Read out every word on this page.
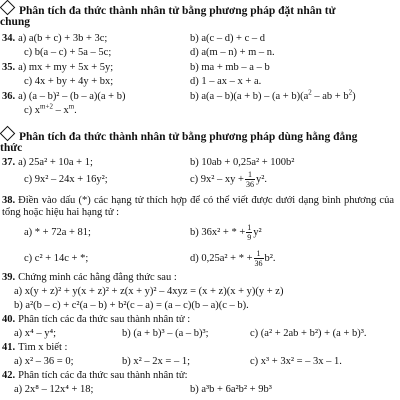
Phân tích đa thức thành nhân tử bằng phương pháp đặt nhân tử
chung
34. a) a(b + c) + 3b + 3c;	b) a(c – d) + c – d
c) b(a – c) + 5a – 5c;	d) a(m – n) + m – n.
35. a) mx + my + 5x + 5y;	b) ma + mb – a – b
c) 4x + by + 4y + bx;	d) 1 – ax – x + a.
36. a) (a – b)² – (b – a)(a + b)	b) $a(a - b)(a + b) - (a + b)(a^2$ – ab + $b^2$)
c) $x^{m+2} - x^m$.
Phân tích đa thức thành nhân tử bằng phương pháp dùng hằng đẳng
thức
37. a) 25a² + 10a + 1;	b) 10ab + 0,25a² + 100b²
c) 9x² – 24x + 16y²;	c) 9x² – xy + $\frac{1}{36} y^2$.
38. Điền vào dấu (*) các hạng tử thích hợp để có thể viết được dưới dạng bình phương của tổng hoặc hiệu hai hạng tử :
a) * + 72a + 81;	b) 36x² + * + $\frac{1}{9} y^2$
c) c² + 14c + *;	d) 0,25a² + * + $\frac{1}{36} b^2$.
39. Chứng minh các hằng đẳng thức sau :
a) x(y + z)² + y(x + z)² + z(x + y)² – 4xyz = (x + z)(x + y)(y + z)
b) a²(b – c) + c²(a – b) + b²(c – a) = (a – c)(b – a)(c – b).
40. Phân tích các đa thức sau thành nhân tử :
a) x⁴ – y⁴;	b) (a + b)³ – (a – b)³;	c) (a² + 2ab + b²) + (a + b)³.
41. Tìm x biết :
a) x² – 36 = 0;	b) x² – 2x = – 1;	c) x³ + 3x² = – 3x – 1.
42. Phân tích các đa thức sau thành nhân tử:
a) 2x⁸ – 12x⁴ + 18;	b) a³b + 6a²b² + 9b³
